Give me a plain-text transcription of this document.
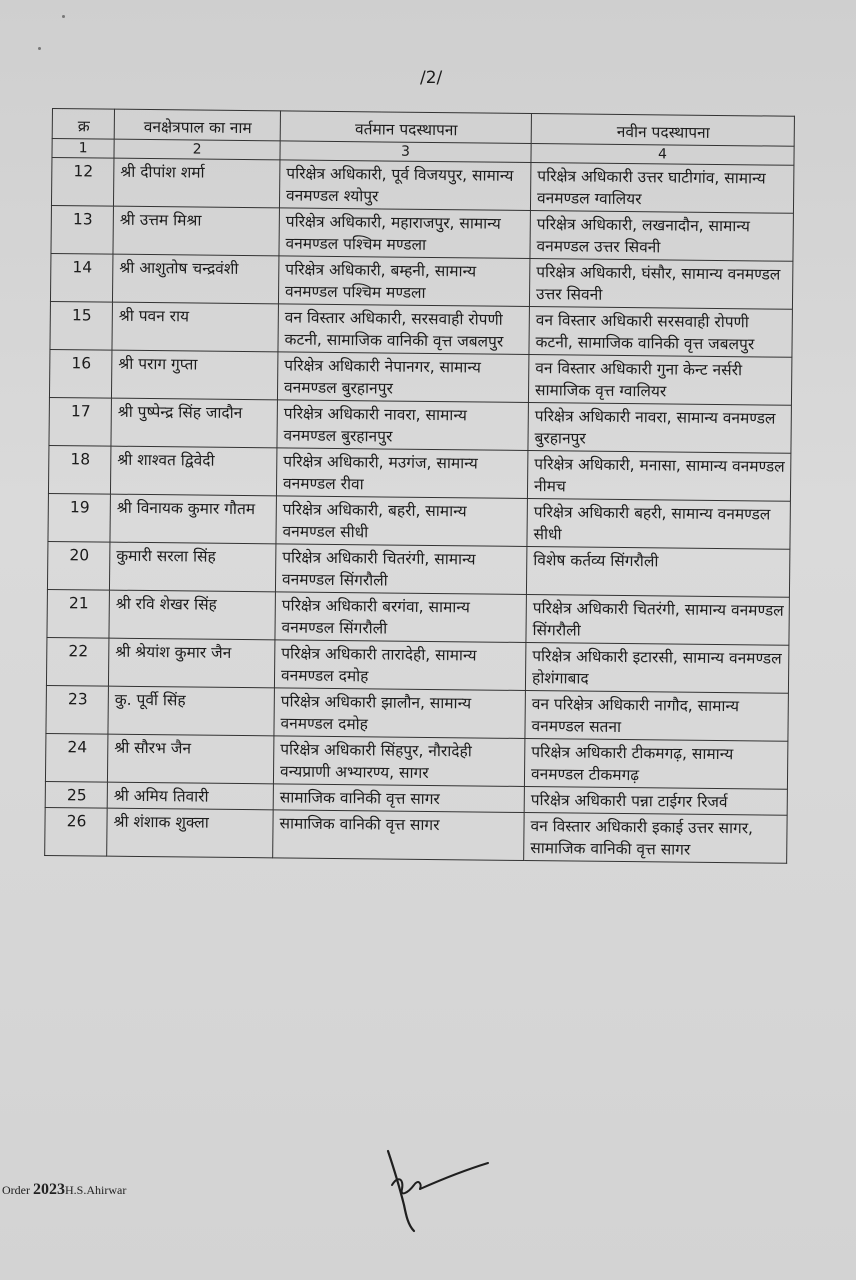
/2/
क्र	वनक्षेत्रपाल का नाम	वर्तमान पदस्थापना	नवीन पदस्थापना
1	2	3	4
12	श्री दीपांश शर्मा	परिक्षेत्र अधिकारी, पूर्व विजयपुर, सामान्य वनमण्डल श्योपुर	परिक्षेत्र अधिकारी उत्तर घाटीगांव, सामान्य वनमण्डल ग्वालियर
13	श्री उत्तम मिश्रा	परिक्षेत्र अधिकारी, महाराजपुर, सामान्य वनमण्डल पश्चिम मण्डला	परिक्षेत्र अधिकारी, लखनादौन, सामान्य वनमण्डल उत्तर सिवनी
14	श्री आशुतोष चन्द्रवंशी	परिक्षेत्र अधिकारी, बम्हनी, सामान्य वनमण्डल पश्चिम मण्डला	परिक्षेत्र अधिकारी, घंसौर, सामान्य वनमण्डल उत्तर सिवनी
15	श्री पवन राय	वन विस्तार अधिकारी, सरसवाही रोपणी कटनी, सामाजिक वानिकी वृत्त जबलपुर	वन विस्तार अधिकारी सरसवाही रोपणी कटनी, सामाजिक वानिकी वृत्त जबलपुर
16	श्री पराग गुप्ता	परिक्षेत्र अधिकारी नेपानगर, सामान्य वनमण्डल बुरहानपुर	वन विस्तार अधिकारी गुना केन्ट नर्सरी सामाजिक वृत्त ग्वालियर
17	श्री पुष्पेन्द्र सिंह जादौन	परिक्षेत्र अधिकारी नावरा, सामान्य वनमण्डल बुरहानपुर	परिक्षेत्र अधिकारी नावरा, सामान्य वनमण्डल बुरहानपुर
18	श्री शाश्वत द्विवेदी	परिक्षेत्र अधिकारी, मउगंज, सामान्य वनमण्डल रीवा	परिक्षेत्र अधिकारी, मनासा, सामान्य वनमण्डल नीमच
19	श्री विनायक कुमार गौतम	परिक्षेत्र अधिकारी, बहरी, सामान्य वनमण्डल सीधी	परिक्षेत्र अधिकारी बहरी, सामान्य वनमण्डल सीधी
20	कुमारी सरला सिंह	परिक्षेत्र अधिकारी चितरंगी, सामान्य वनमण्डल सिंगरौली	विशेष कर्तव्य सिंगरौली
21	श्री रवि शेखर सिंह	परिक्षेत्र अधिकारी बरगंवा, सामान्य वनमण्डल सिंगरौली	परिक्षेत्र अधिकारी चितरंगी, सामान्य वनमण्डल सिंगरौली
22	श्री श्रेयांश कुमार जैन	परिक्षेत्र अधिकारी तारादेही, सामान्य वनमण्डल दमोह	परिक्षेत्र अधिकारी इटारसी, सामान्य वनमण्डल होशंगाबाद
23	कु. पूर्वी सिंह	परिक्षेत्र अधिकारी झालौन, सामान्य वनमण्डल दमोह	वन परिक्षेत्र अधिकारी नागौद, सामान्य वनमण्डल सतना
24	श्री सौरभ जैन	परिक्षेत्र अधिकारी सिंहपुर, नौरादेही वन्यप्राणी अभ्यारण्य, सागर	परिक्षेत्र अधिकारी टीकमगढ़, सामान्य वनमण्डल टीकमगढ़
25	श्री अमिय तिवारी	सामाजिक वानिकी वृत्त सागर	परिक्षेत्र अधिकारी पन्ना टाईगर रिजर्व
26	श्री शंशाक शुक्ला	सामाजिक वानिकी वृत्त सागर	वन विस्तार अधिकारी इकाई उत्तर सागर, सामाजिक वानिकी वृत्त सागर
Order 2023H.S.Ahirwar
